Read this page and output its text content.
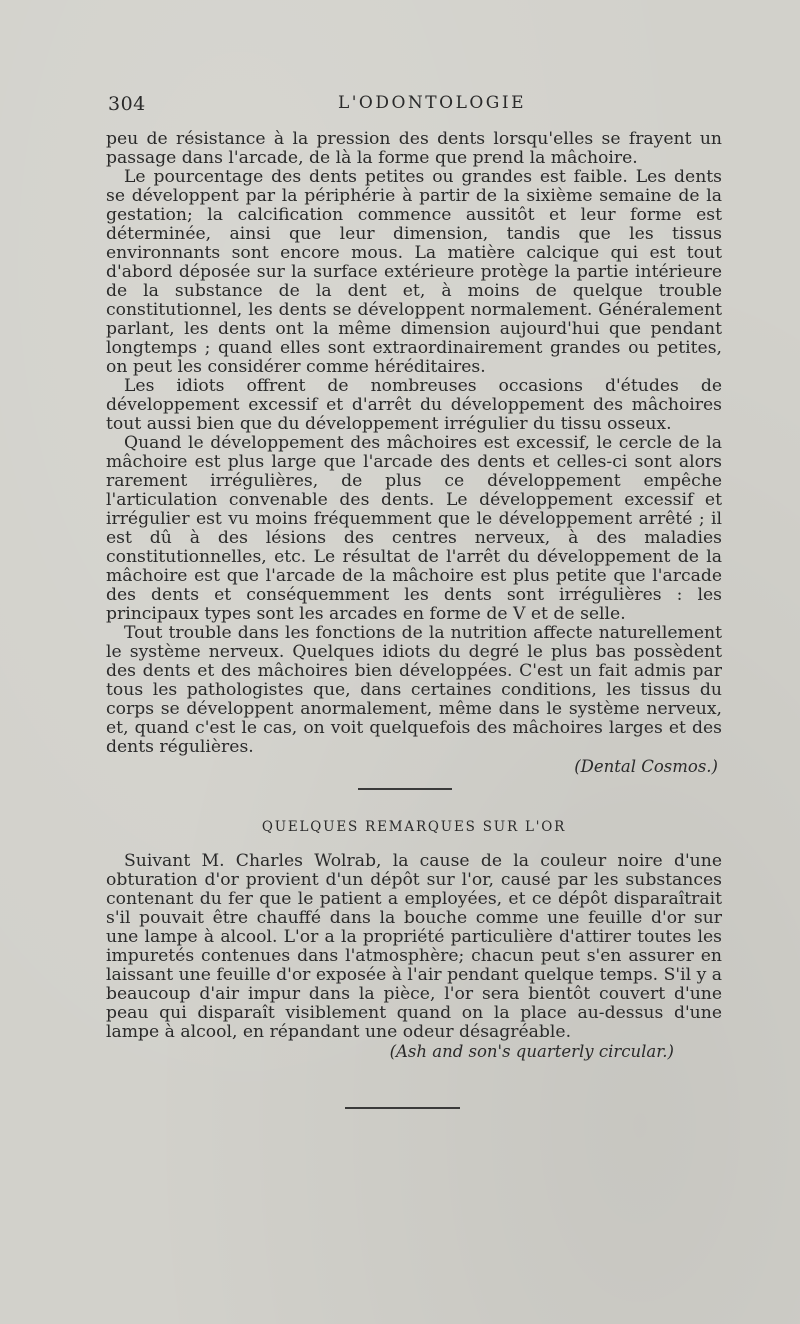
304	L'ODONTOLOGIE

peu de résistance à la pression des dents lorsqu'elles se frayent un passage dans l'arcade, de là la forme que prend la mâchoire.

Le pourcentage des dents petites ou grandes est faible. Les dents se développent par la périphérie à partir de la sixième semaine de la gestation; la calcification commence aussitôt et leur forme est déterminée, ainsi que leur dimension, tandis que les tissus environnants sont encore mous. La matière calcique qui est tout d'abord déposée sur la surface extérieure protège la partie intérieure de la substance de la dent et, à moins de quelque trouble constitutionnel, les dents se développent normalement. Généralement parlant, les dents ont la même dimension aujourd'hui que pendant longtemps ; quand elles sont extraordinairement grandes ou petites, on peut les considérer comme héréditaires.

Les idiots offrent de nombreuses occasions d'études de développement excessif et d'arrêt du développement des mâchoires tout aussi bien que du développement irrégulier du tissu osseux.

Quand le développement des mâchoires est excessif, le cercle de la mâchoire est plus large que l'arcade des dents et celles-ci sont alors rarement irrégulières, de plus ce développement empêche l'articulation convenable des dents. Le développement excessif et irrégulier est vu moins fréquemment que le développement arrêté ; il est dû à des lésions des centres nerveux, à des maladies constitutionnelles, etc. Le résultat de l'arrêt du développement de la mâchoire est que l'arcade de la mâchoire est plus petite que l'arcade des dents et conséquemment les dents sont irrégulières : les principaux types sont les arcades en forme de V et de selle.

Tout trouble dans les fonctions de la nutrition affecte naturellement le système nerveux. Quelques idiots du degré le plus bas possèdent des dents et des mâchoires bien développées. C'est un fait admis par tous les pathologistes que, dans certaines conditions, les tissus du corps se développent anormalement, même dans le système nerveux, et, quand c'est le cas, on voit quelquefois des mâchoires larges et des dents régulières.

(Dental Cosmos.)

QUELQUES REMARQUES SUR L'OR

Suivant M. Charles Wolrab, la cause de la couleur noire d'une obturation d'or provient d'un dépôt sur l'or, causé par les substances contenant du fer que le patient a employées, et ce dépôt disparaîtrait s'il pouvait être chauffé dans la bouche comme une feuille d'or sur une lampe à alcool. L'or a la propriété particulière d'attirer toutes les impuretés contenues dans l'atmosphère; chacun peut s'en assurer en laissant une feuille d'or exposée à l'air pendant quelque temps. S'il y a beaucoup d'air impur dans la pièce, l'or sera bientôt couvert d'une peau qui disparaît visiblement quand on la place au-dessus d'une lampe à alcool, en répandant une odeur désagréable.

(Ash and son's quarterly circular.)
